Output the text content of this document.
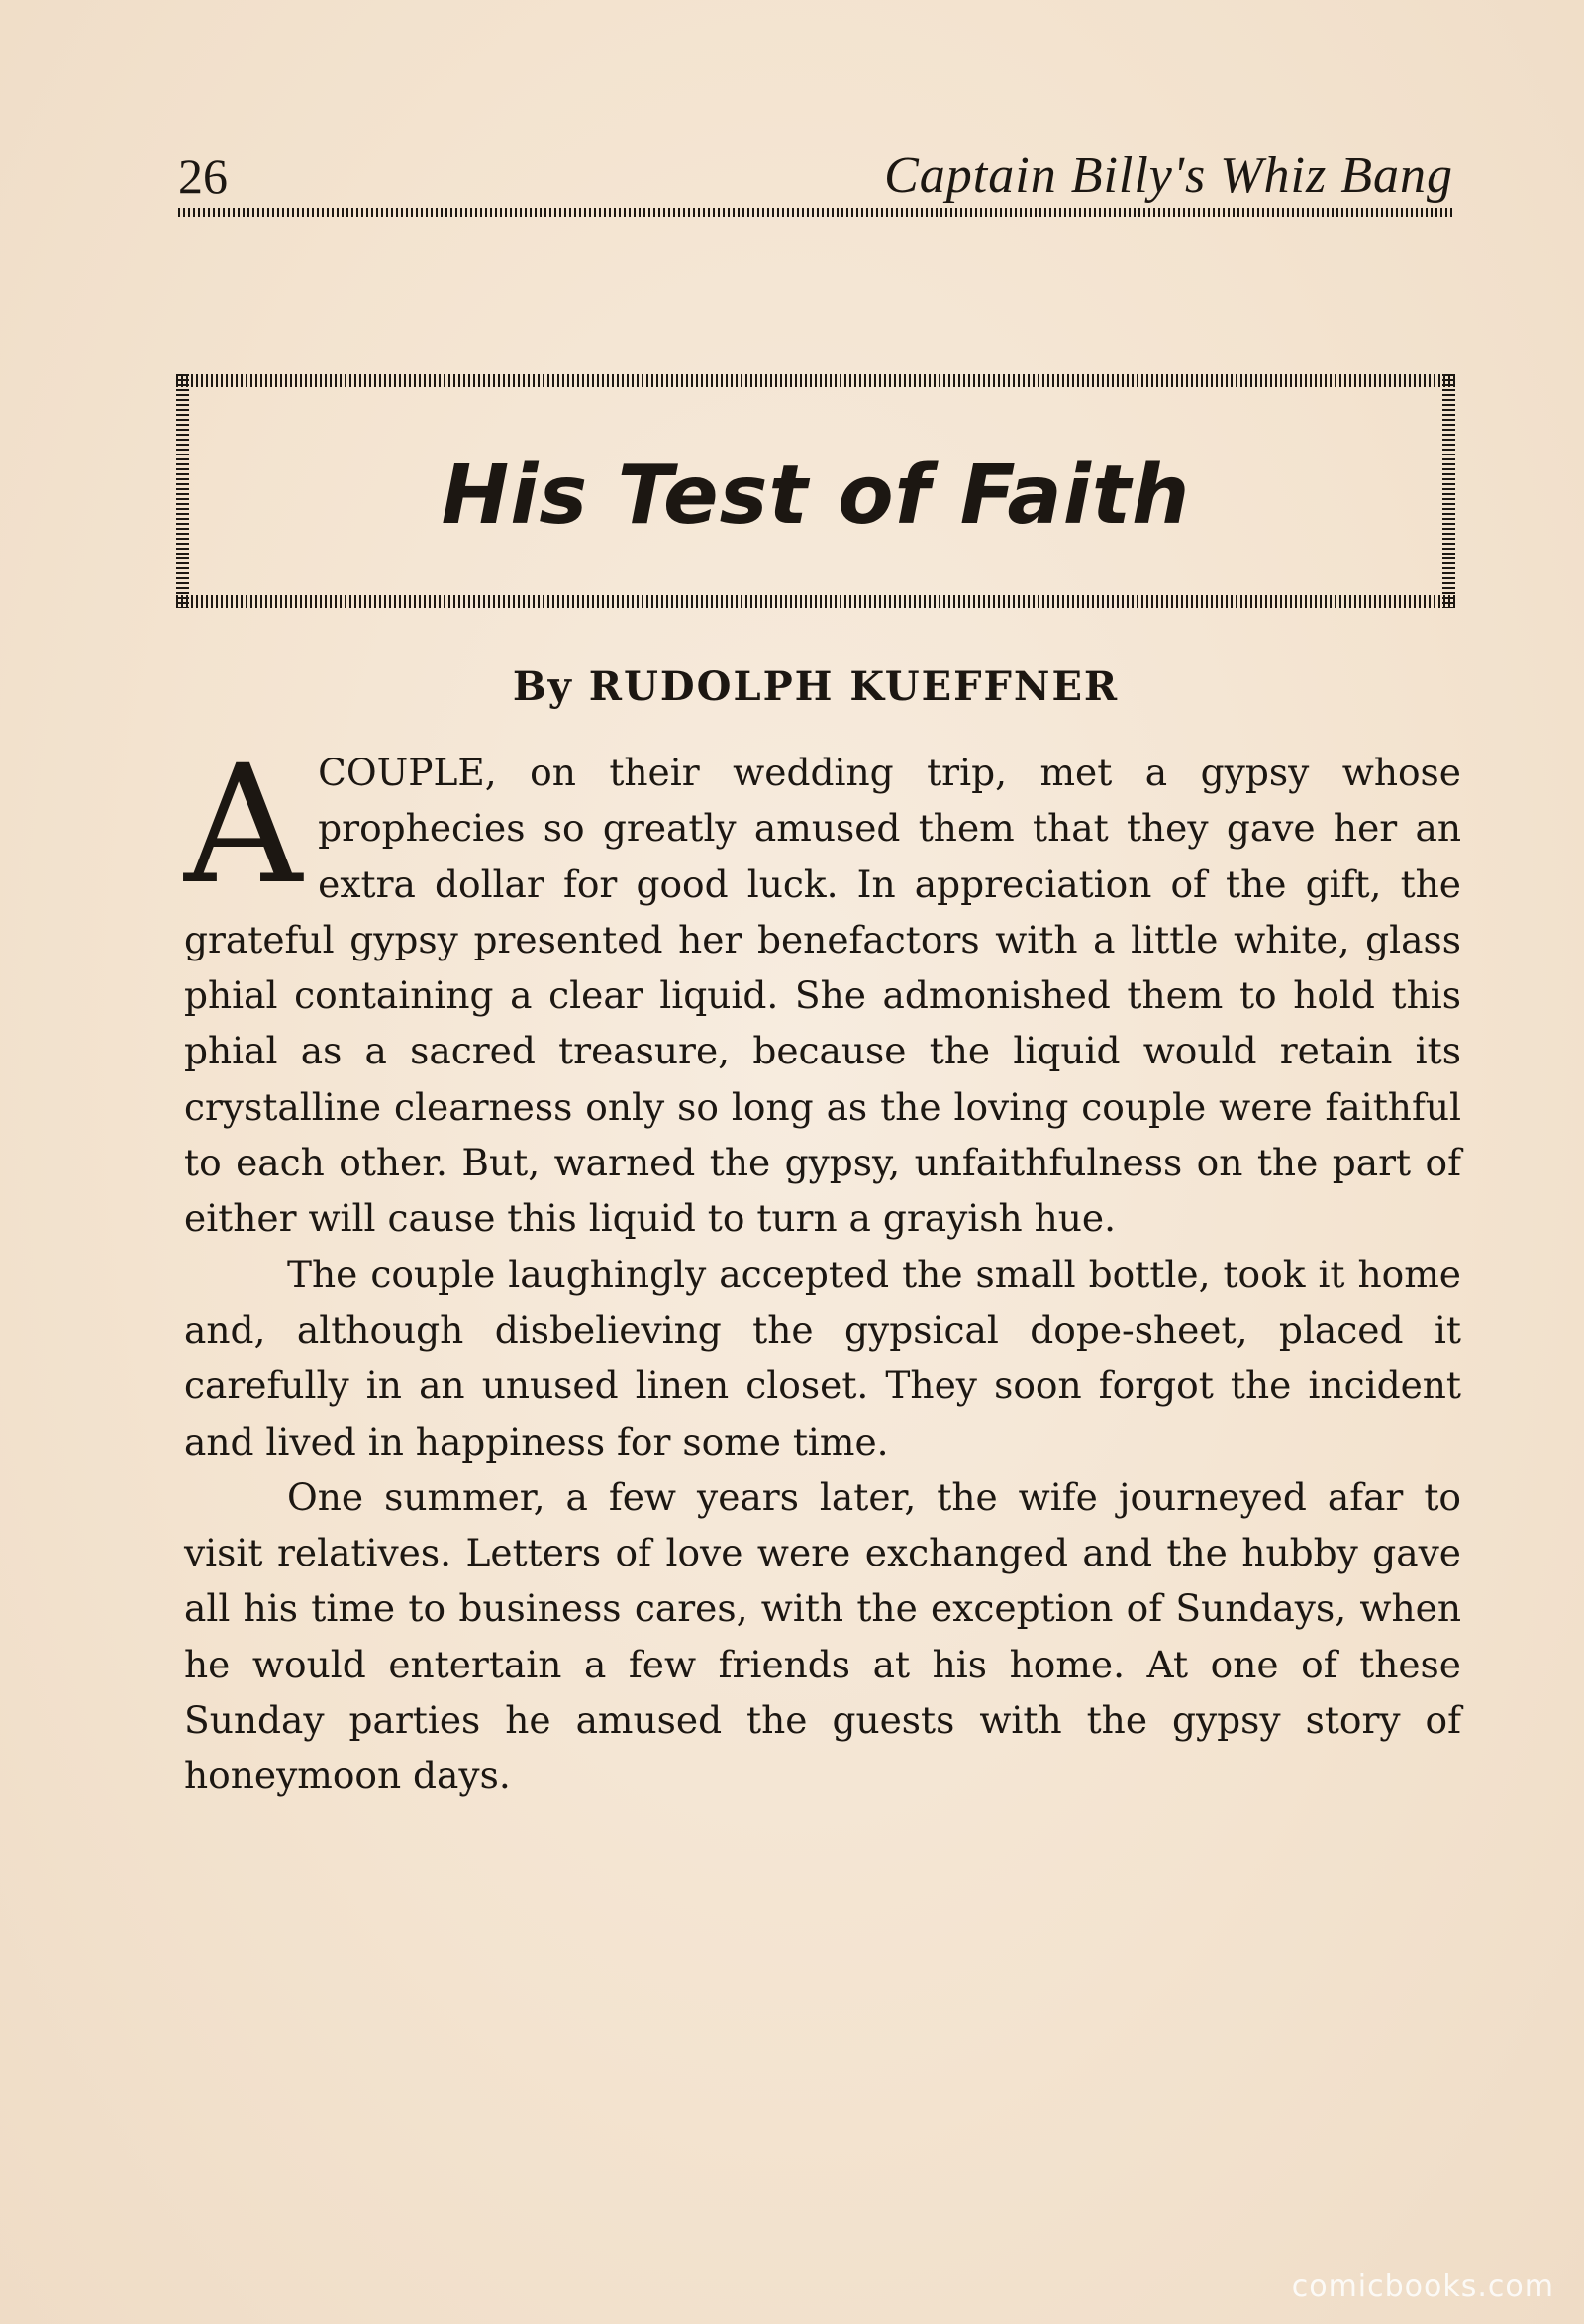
26	Captain Billy's Whiz Bang
His Test of Faith
By RUDOLPH KUEFFNER

ACOUPLE, on their wedding trip, met a gypsy whose prophecies so greatly amused them that they gave her an extra dollar for good luck. In appreciation of the gift, the grateful gypsy presented her benefactors with a little white, glass phial containing a clear liquid. She admonished them to hold this phial as a sacred treasure, because the liquid would retain its crystalline clearness only so long as the loving couple were faithful to each other. But, warned the gypsy, unfaithfulness on the part of either will cause this liquid to turn a grayish hue.

The couple laughingly accepted the small bottle, took it home and, although disbelieving the gypsical dope-sheet, placed it carefully in an unused linen closet. They soon forgot the incident and lived in happiness for some time.

One summer, a few years later, the wife journeyed afar to visit relatives. Letters of love were exchanged and the hubby gave all his time to business cares, with the exception of Sundays, when he would entertain a few friends at his home. At one of these Sunday parties he amused the guests with the gypsy story of honeymoon days.

comicbooks.com
